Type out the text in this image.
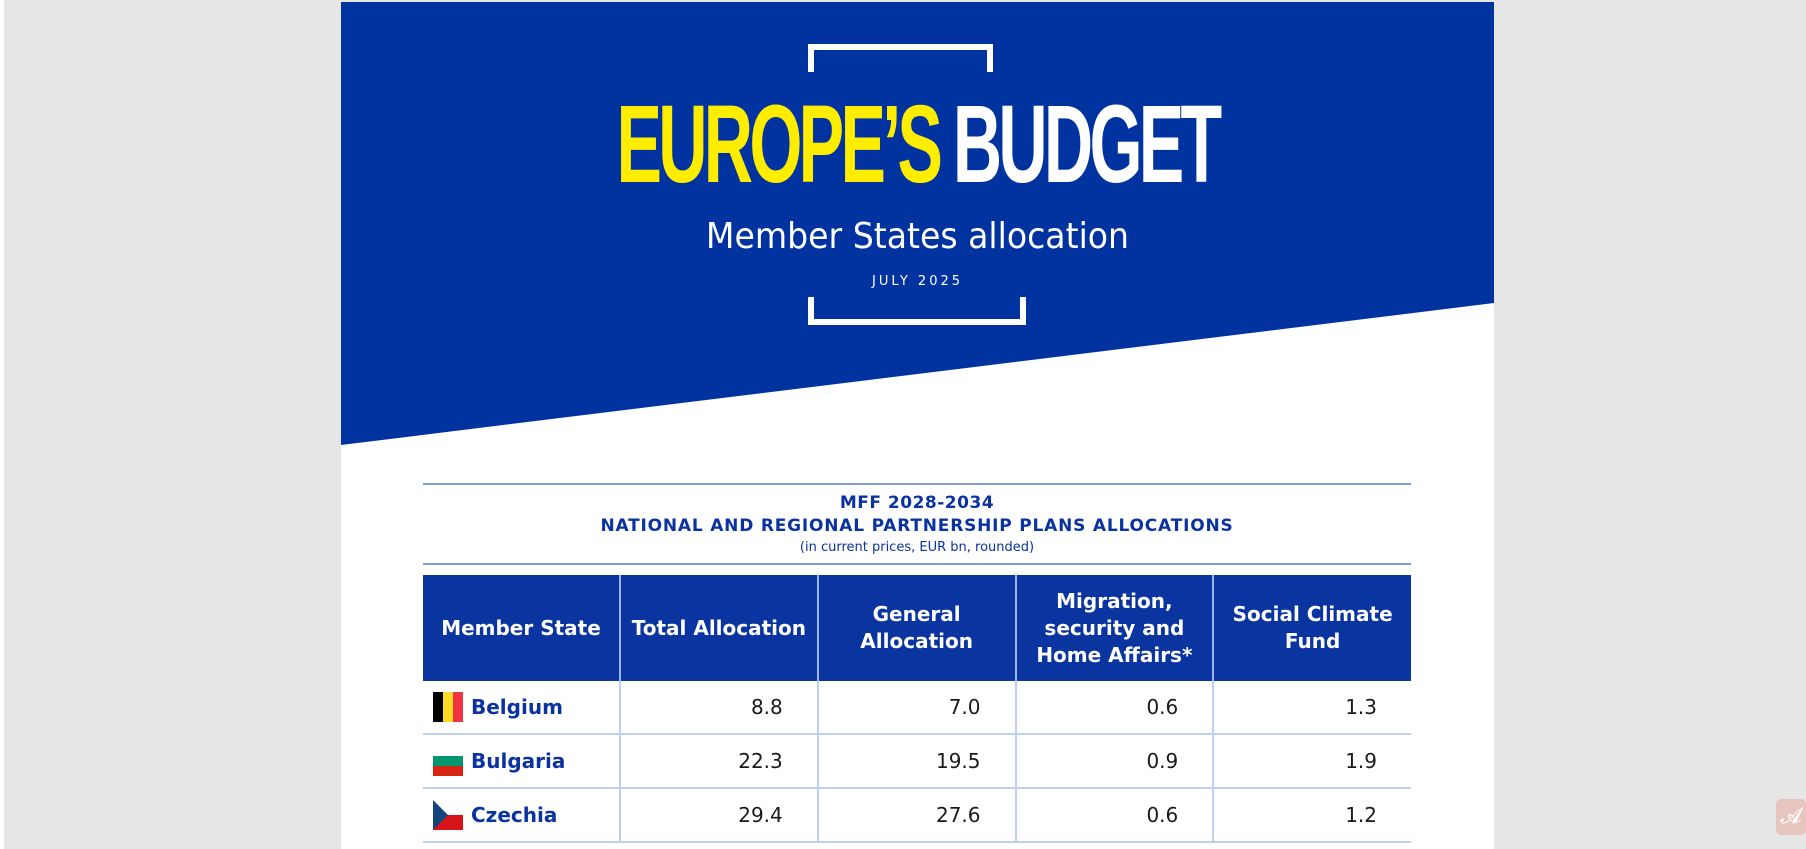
EUROPE’S BUDGET
Member States allocation
JULY 2025
MFF 2028-2034
NATIONAL AND REGIONAL PARTNERSHIP PLANS ALLOCATIONS
(in current prices, EUR bn, rounded)
Member State	Total Allocation	General Allocation	Migration, security and Home Affairs*	Social Climate Fund
Belgium	8.8	7.0	0.6	1.3
Bulgaria	22.3	19.5	0.9	1.9
Czechia	29.4	27.6	0.6	1.2	𝓐
